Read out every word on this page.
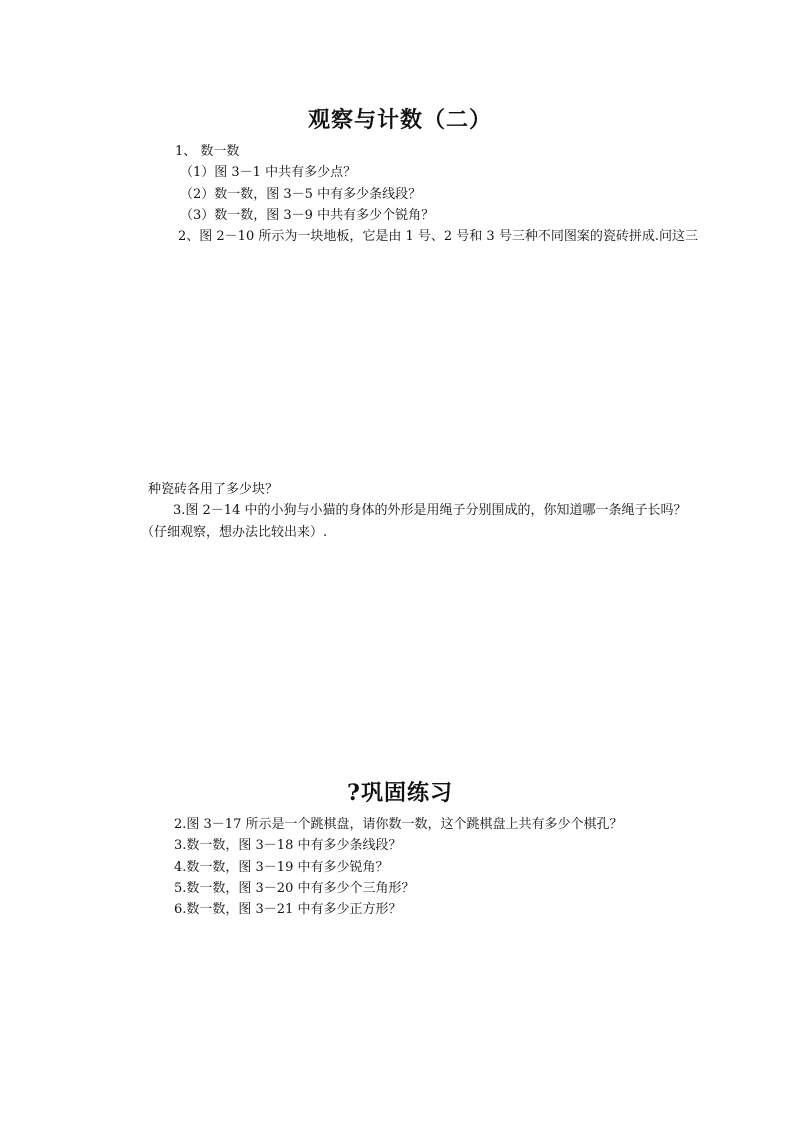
观察与计数（二）
1、 数一数
（1）图 3－1 中共有多少点？
（2）数一数，图 3－5 中有多少条线段？
（3）数一数，图 3－9 中共有多少个锐角？
2、图 2－10 所示为一块地板，它是由 1 号、2 号和 3 号三种不同图案的瓷砖拼成.问这三
种瓷砖各用了多少块？
3.图 2－14 中的小狗与小猫的身体的外形是用绳子分别围成的，你知道哪一条绳子长吗？
（仔细观察，想办法比较出来）.
?巩固练习
2.图 3－17 所示是一个跳棋盘，请你数一数，这个跳棋盘上共有多少个棋孔？
3.数一数，图 3－18 中有多少条线段？
4.数一数，图 3－19 中有多少锐角？
5.数一数，图 3－20 中有多少个三角形？
6.数一数，图 3－21 中有多少正方形？
